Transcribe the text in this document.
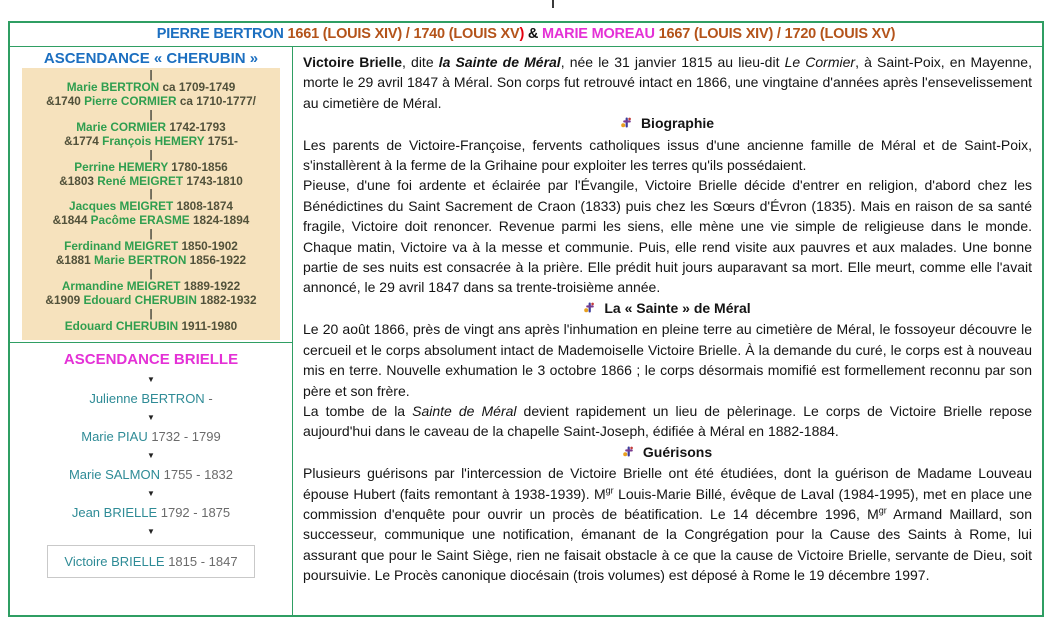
PIERRE BERTRON 1661 (LOUIS XIV) / 1740 (LOUIS XV) & MARIE MOREAU 1667 (LOUIS XIV) / 1720 (LOUIS XV)
ASCENDANCE « CHERUBIN »
|
Marie BERTRON ca 1709-1749
&1740 Pierre CORMIER ca 1710-1777/
|
Marie CORMIER 1742-1793
&1774 François HEMERY 1751-
|
Perrine HEMERY 1780-1856
&1803 René MEIGRET 1743-1810
|
Jacques MEIGRET 1808-1874
&1844 Pacôme ERASME 1824-1894
|
Ferdinand MEIGRET 1850-1902
&1881 Marie BERTRON 1856-1922
|
Armandine MEIGRET 1889-1922
&1909 Edouard CHERUBIN 1882-1932
|
Edouard CHERUBIN 1911-1980
ASCENDANCE BRIELLE
▼
Julienne BERTRON -
▼
Marie PIAU 1732 - 1799
▼
Marie SALMON 1755 - 1832
▼
Jean BRIELLE 1792 - 1875
▼
Victoire BRIELLE 1815 - 1847

Victoire Brielle, dite la Sainte de Méral, née le 31 janvier 1815 au lieu-dit Le Cormier, à Saint-Poix, en Mayenne, morte le 29 avril 1847 à Méral. Son corps fut retrouvé intact en 1866, une vingtaine d'années après l'ensevelissement au cimetière de Méral.

Biographie

Les parents de Victoire-Françoise, fervents catholiques issus d'une ancienne famille de Méral et de Saint-Poix, s'installèrent à la ferme de la Grihaine pour exploiter les terres qu'ils possédaient.

Pieuse, d'une foi ardente et éclairée par l'Évangile, Victoire Brielle décide d'entrer en religion, d'abord chez les Bénédictines du Saint Sacrement de Craon (1833) puis chez les Sœurs d'Évron (1835). Mais en raison de sa santé fragile, Victoire doit renoncer. Revenue parmi les siens, elle mène une vie simple de religieuse dans le monde. Chaque matin, Victoire va à la messe et communie. Puis, elle rend visite aux pauvres et aux malades. Une bonne partie de ses nuits est consacrée à la prière. Elle prédit huit jours auparavant sa mort. Elle meurt, comme elle l'avait annoncé, le 29 avril 1847 dans sa trente-troisième année.

La « Sainte » de Méral

Le 20 août 1866, près de vingt ans après l'inhumation en pleine terre au cimetière de Méral, le fossoyeur découvre le cercueil et le corps absolument intact de Mademoiselle Victoire Brielle. À la demande du curé, le corps est à nouveau mis en terre. Nouvelle exhumation le 3 octobre 1866 ; le corps désormais momifié est formellement reconnu par son père et son frère.

La tombe de la Sainte de Méral devient rapidement un lieu de pèlerinage. Le corps de Victoire Brielle repose aujourd'hui dans le caveau de la chapelle Saint-Joseph, édifiée à Méral en 1882-1884.

Guérisons

Plusieurs guérisons par l'intercession de Victoire Brielle ont été étudiées, dont la guérison de Madame Louveau épouse Hubert (faits remontant à 1938-1939). $M^{gr}$ Louis-Marie Billé, évêque de Laval (1984-1995), met en place une commission d'enquête pour ouvrir un procès de béatification. Le 14 décembre 1996, $M^{gr}$ Armand Maillard, son successeur, communique une notification, émanant de la Congrégation pour la Cause des Saints à Rome, lui assurant que pour le Saint Siège, rien ne faisait obstacle à ce que la cause de Victoire Brielle, servante de Dieu, soit poursuivie. Le Procès canonique diocésain (trois volumes) est déposé à Rome le 19 décembre 1997.
